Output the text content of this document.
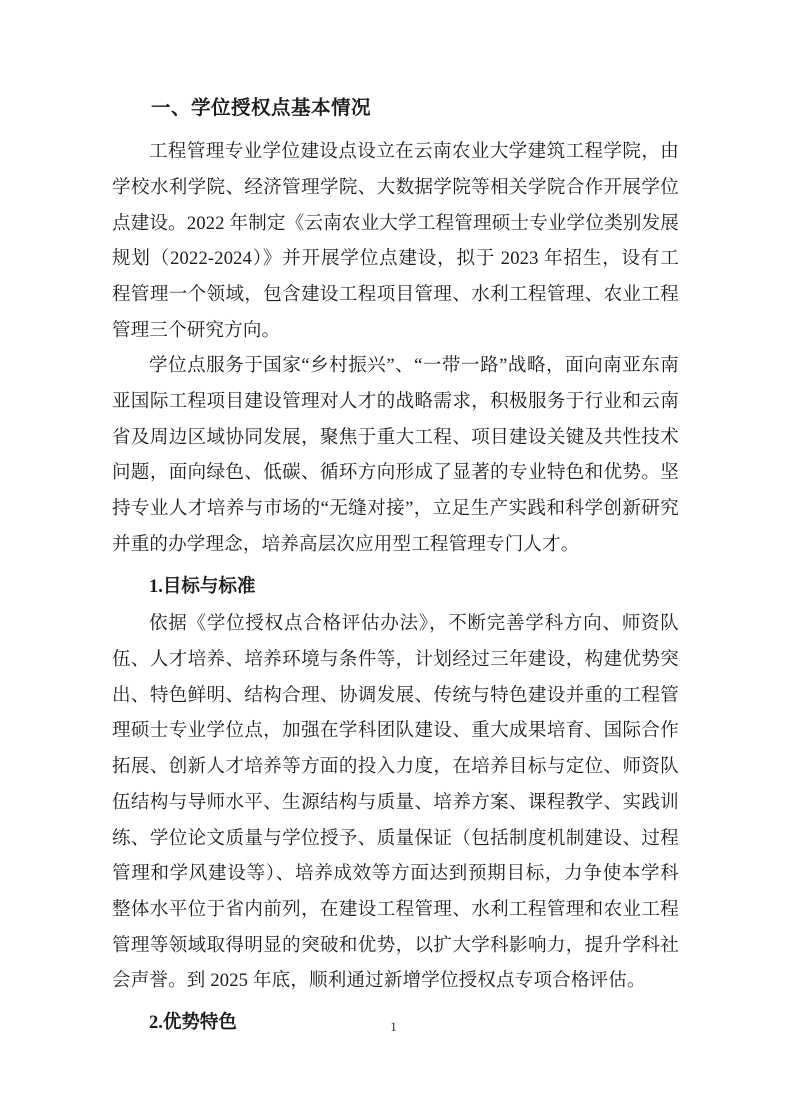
一、学位授权点基本情况

工程管理专业学位建设点设立在云南农业大学建筑工程学院，由学校水利学院、经济管理学院、大数据学院等相关学院合作开展学位点建设。2022 年制定《云南农业大学工程管理硕士专业学位类别发展规划（2022-2024）》并开展学位点建设，拟于 2023 年招生，设有工程管理一个领域，包含建设工程项目管理、水利工程管理、农业工程管理三个研究方向。

学位点服务于国家“乡村振兴”、“一带一路”战略，面向南亚东南亚国际工程项目建设管理对人才的战略需求，积极服务于行业和云南省及周边区域协同发展，聚焦于重大工程、项目建设关键及共性技术问题，面向绿色、低碳、循环方向形成了显著的专业特色和优势。坚持专业人才培养与市场的“无缝对接”，立足生产实践和科学创新研究并重的办学理念，培养高层次应用型工程管理专门人才。

1.目标与标准

依据《学位授权点合格评估办法》，不断完善学科方向、师资队伍、人才培养、培养环境与条件等，计划经过三年建设，构建优势突出、特色鲜明、结构合理、协调发展、传统与特色建设并重的工程管理硕士专业学位点，加强在学科团队建设、重大成果培育、国际合作拓展、创新人才培养等方面的投入力度，在培养目标与定位、师资队伍结构与导师水平、生源结构与质量、培养方案、课程教学、实践训练、学位论文质量与学位授予、质量保证（包括制度机制建设、过程管理和学风建设等）、培养成效等方面达到预期目标，力争使本学科整体水平位于省内前列，在建设工程管理、水利工程管理和农业工程管理等领域取得明显的突破和优势，以扩大学科影响力，提升学科社会声誉。到 2025 年底，顺利通过新增学位授权点专项合格评估。

2.优势特色	1
